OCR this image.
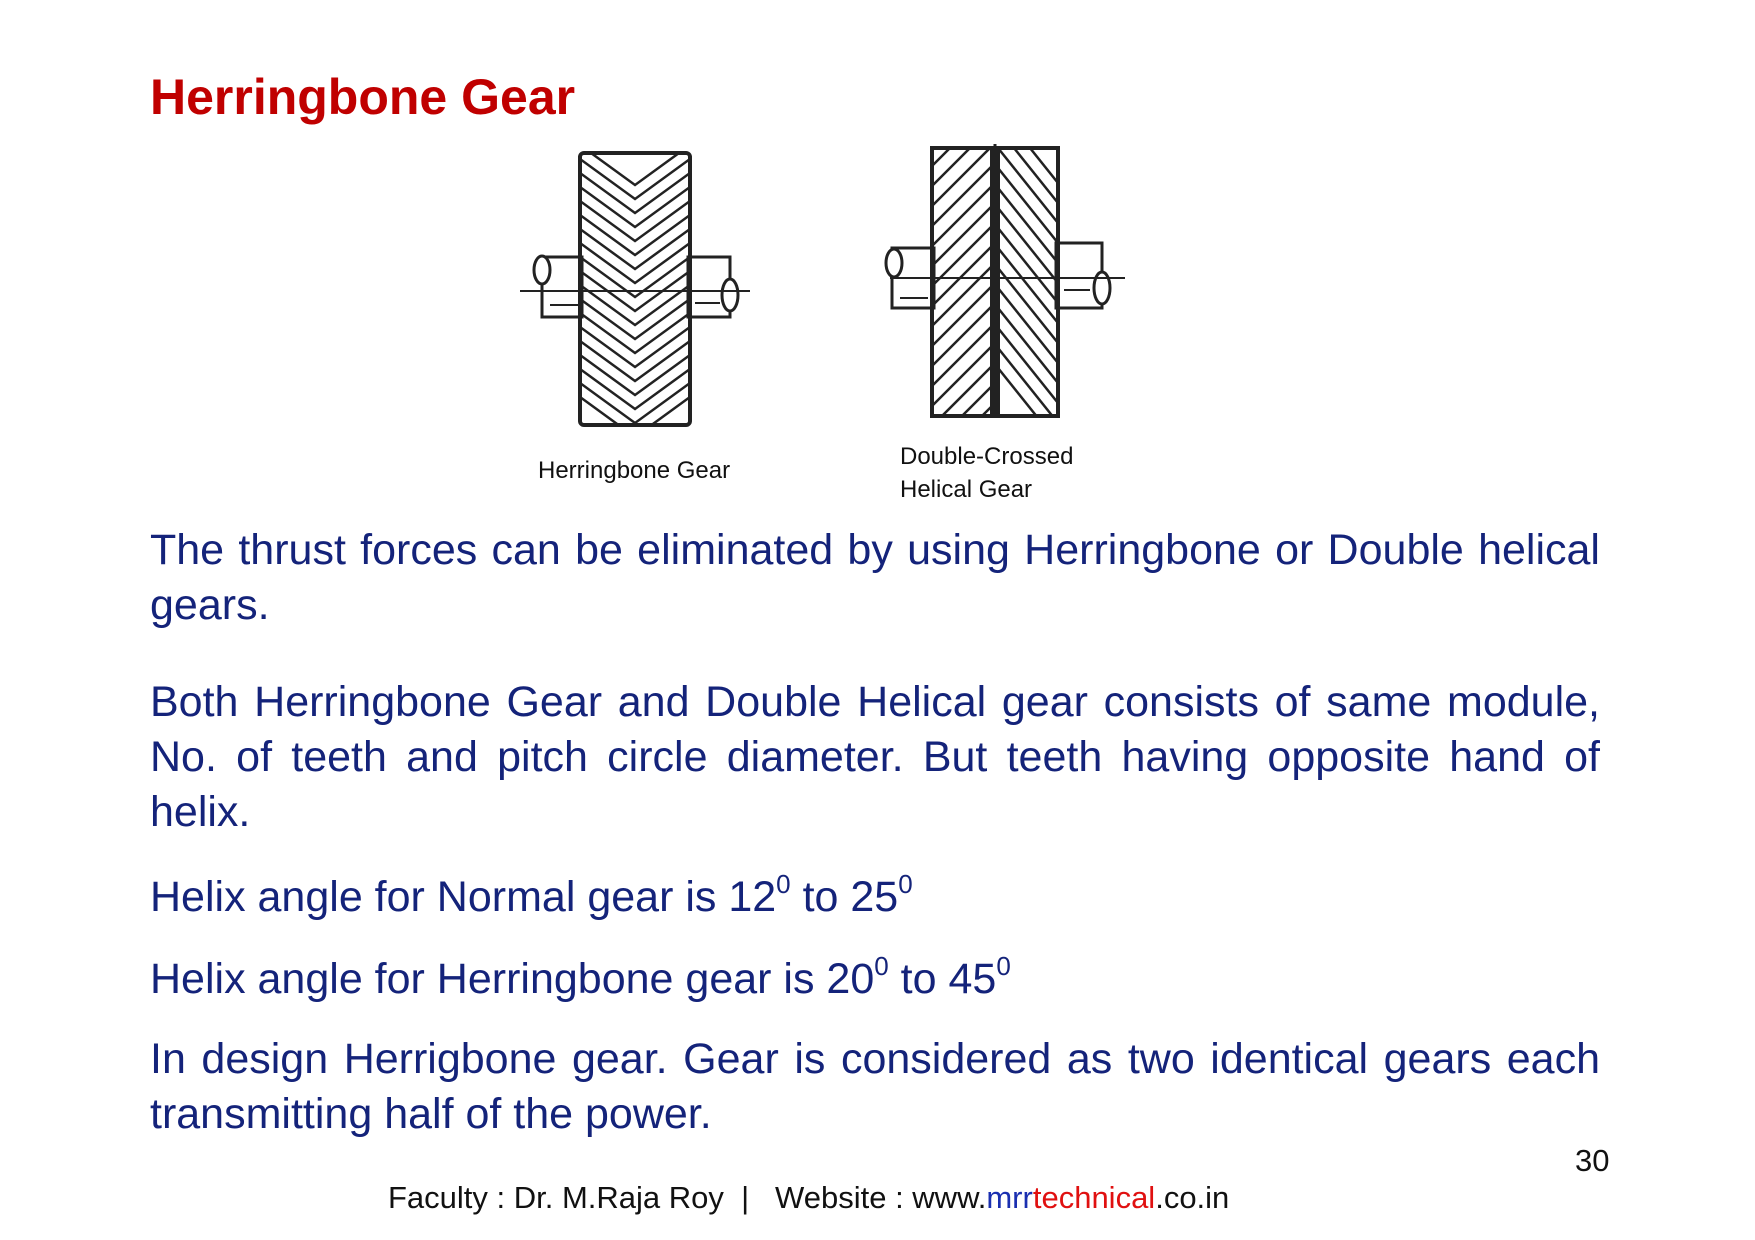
Herringbone Gear
Herringbone Gear
Double-Crossed
Helical Gear

The thrust forces can be eliminated by using Herringbone or Double helical gears.

Both Herringbone Gear and Double Helical gear consists of same module, No. of teeth and pitch circle diameter. But teeth having opposite hand of helix.

Helix angle for Normal gear is $12^0$ to $25^0$

Helix angle for Herringbone gear is $20^0$ to $45^0$

In design Herrigbone gear. Gear is considered as two identical gears each transmitting half of the power.

30
Faculty : Dr. M.Raja Roy  |   Website : www.mrrtechnical.co.in
